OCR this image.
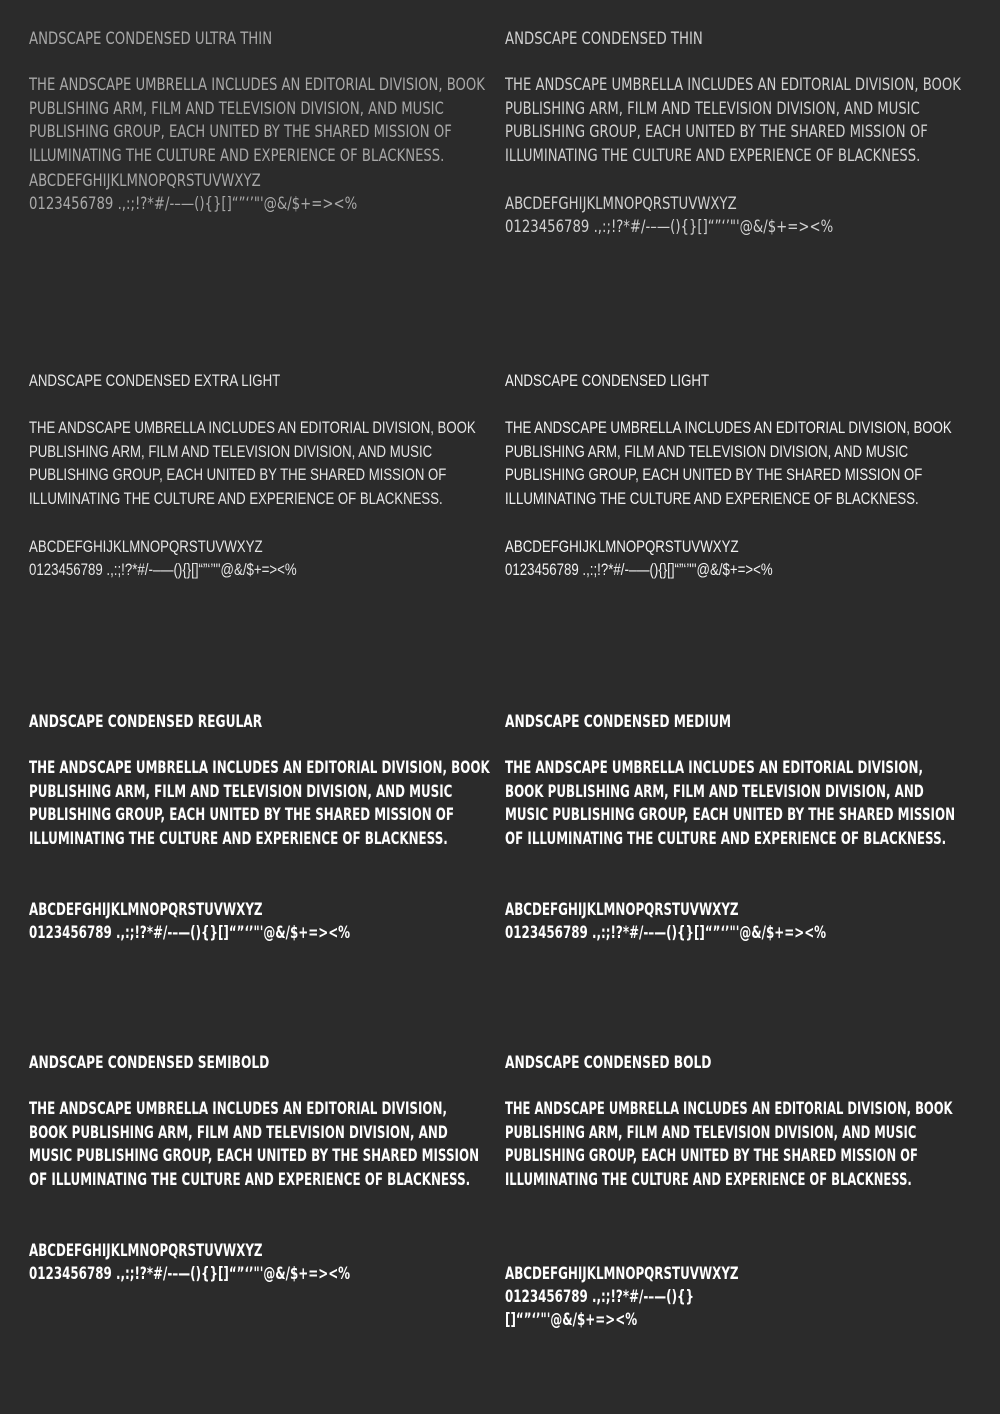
ANDSCAPE CONDENSED ULTRA THIN

THE ANDSCAPE UMBRELLA INCLUDES AN EDITORIAL DIVISION, BOOK PUBLISHING ARM, FILM AND TELEVISION DIVISION, AND MUSIC PUBLISHING GROUP, EACH UNITED BY THE SHARED MISSION OF ILLUMINATING THE CULTURE AND EXPERIENCE OF BLACKNESS.

ABCDEFGHIJKLMNOPQRSTUVWXYZ
0123456789 .,:;!?*#/-–—(){}[]“”‘’"'@&/$+=><%
ANDSCAPE CONDENSED THIN

THE ANDSCAPE UMBRELLA INCLUDES AN EDITORIAL DIVISION, BOOK PUBLISHING ARM, FILM AND TELEVISION DIVISION, AND MUSIC PUBLISHING GROUP, EACH UNITED BY THE SHARED MISSION OF ILLUMINATING THE CULTURE AND EXPERIENCE OF BLACKNESS.

ABCDEFGHIJKLMNOPQRSTUVWXYZ
0123456789 .,:;!?*#/-–—(){}[]“”‘’"'@&/$+=><%
ANDSCAPE CONDENSED EXTRA LIGHT

THE ANDSCAPE UMBRELLA INCLUDES AN EDITORIAL DIVISION, BOOK PUBLISHING ARM, FILM AND TELEVISION DIVISION, AND MUSIC PUBLISHING GROUP, EACH UNITED BY THE SHARED MISSION OF ILLUMINATING THE CULTURE AND EXPERIENCE OF BLACKNESS.

ABCDEFGHIJKLMNOPQRSTUVWXYZ
0123456789 .,:;!?*#/-–—(){}[]“”‘’"'@&/$+=><%
ANDSCAPE CONDENSED LIGHT

THE ANDSCAPE UMBRELLA INCLUDES AN EDITORIAL DIVISION, BOOK PUBLISHING ARM, FILM AND TELEVISION DIVISION, AND MUSIC PUBLISHING GROUP, EACH UNITED BY THE SHARED MISSION OF ILLUMINATING THE CULTURE AND EXPERIENCE OF BLACKNESS.

ABCDEFGHIJKLMNOPQRSTUVWXYZ
0123456789 .,:;!?*#/-–—(){}[]“”‘’"'@&/$+=><%
ANDSCAPE CONDENSED REGULAR

THE ANDSCAPE UMBRELLA INCLUDES AN EDITORIAL DIVISION, BOOK PUBLISHING ARM, FILM AND TELEVISION DIVISION, AND MUSIC PUBLISHING GROUP, EACH UNITED BY THE SHARED MISSION OF ILLUMINATING THE CULTURE AND EXPERIENCE OF BLACKNESS.

ABCDEFGHIJKLMNOPQRSTUVWXYZ
0123456789 .,:;!?*#/-–—(){}[]“”‘’"'@&/$+=><%
ANDSCAPE CONDENSED MEDIUM

THE ANDSCAPE UMBRELLA INCLUDES AN EDITORIAL DIVISION, BOOK PUBLISHING ARM, FILM AND TELEVISION DIVISION, AND MUSIC PUBLISHING GROUP, EACH UNITED BY THE SHARED MISSION OF ILLUMINATING THE CULTURE AND EXPERIENCE OF BLACKNESS.

ABCDEFGHIJKLMNOPQRSTUVWXYZ
0123456789 .,:;!?*#/-–—(){}[]“”‘’"'@&/$+=><%
ANDSCAPE CONDENSED SEMIBOLD

THE ANDSCAPE UMBRELLA INCLUDES AN EDITORIAL DIVISION, BOOK PUBLISHING ARM, FILM AND TELEVISION DIVISION, AND MUSIC PUBLISHING GROUP, EACH UNITED BY THE SHARED MISSION OF ILLUMINATING THE CULTURE AND EXPERIENCE OF BLACKNESS.

ABCDEFGHIJKLMNOPQRSTUVWXYZ
0123456789 .,:;!?*#/-–—(){}[]“”‘’"'@&/$+=><%
ANDSCAPE CONDENSED BOLD

THE ANDSCAPE UMBRELLA INCLUDES AN EDITORIAL DIVISION, BOOK PUBLISHING ARM, FILM AND TELEVISION DIVISION, AND MUSIC PUBLISHING GROUP, EACH UNITED BY THE SHARED MISSION OF ILLUMINATING THE CULTURE AND EXPERIENCE OF BLACKNESS.

ABCDEFGHIJKLMNOPQRSTUVWXYZ
0123456789 .,:;!?*#/-–—(){}
[]“”‘’"'@&/$+=><%
